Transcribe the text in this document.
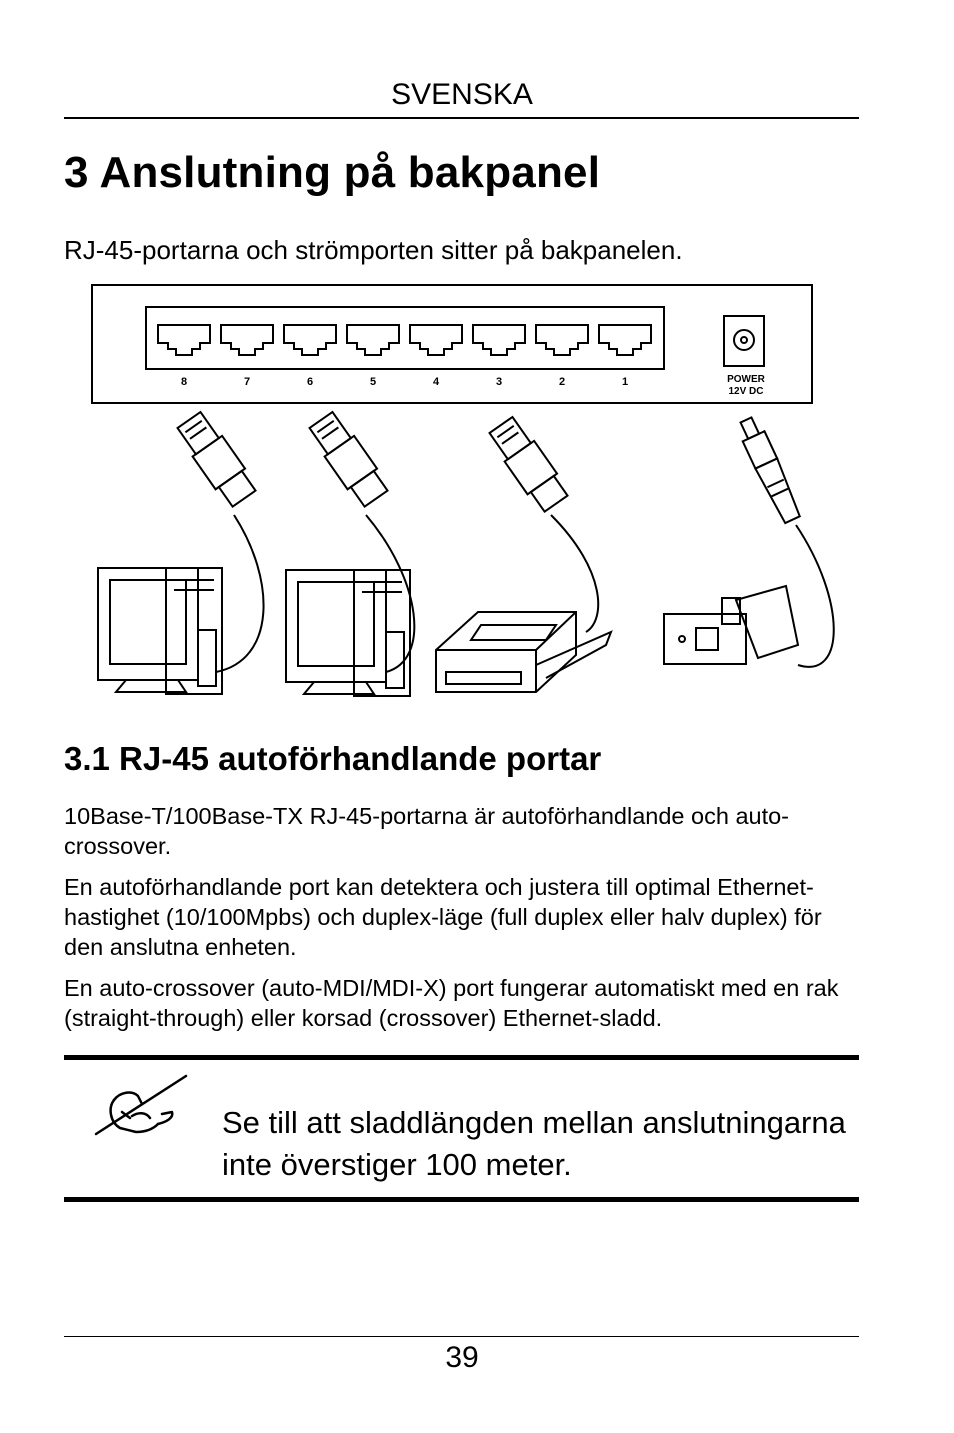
SVENSKA
3 Anslutning på bakpanel
RJ-45-portarna och strömporten sitter på bakpanelen.
8	7	6	5	4	3	2	1	POWER
12V DC
3.1 RJ-45 autoförhandlande portar
10Base-T/100Base-TX RJ-45-portarna är autoförhandlande och auto-crossover.
En autoförhandlande port kan detektera och justera till optimal Ethernet-hastighet (10/100Mpbs) och duplex-läge (full duplex eller halv duplex) för den anslutna enheten.
En auto-crossover (auto-MDI/MDI-X) port fungerar automatiskt med en rak (straight-through) eller korsad (crossover) Ethernet-sladd.
Se till att sladdlängden mellan anslutningarna inte överstiger 100 meter.
39
